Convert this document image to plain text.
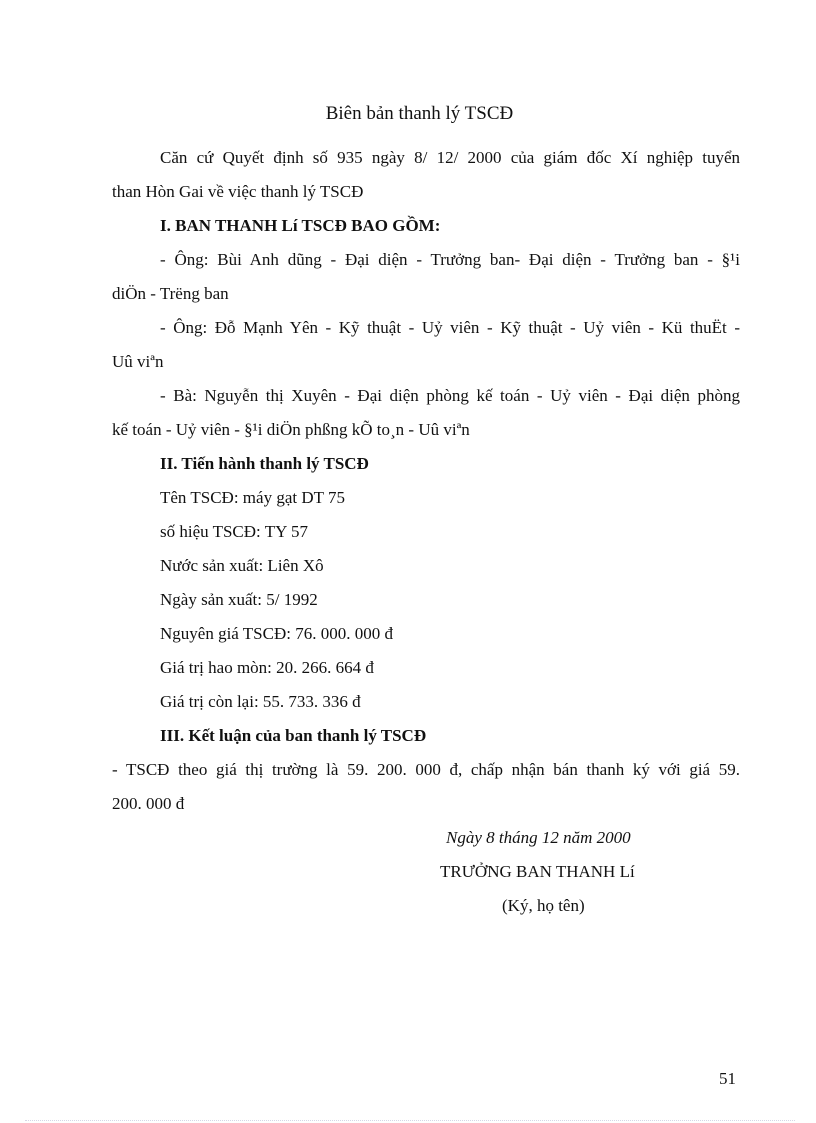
Biên bản thanh lý TSCĐ
Căn cứ Quyết định số 935 ngày 8/ 12/ 2000 của giám đốc Xí nghiệp tuyển
than Hòn Gai về việc thanh lý TSCĐ
I. BAN THANH Lí TSCĐ BAO GỒM:
- Ông: Bùi Anh dũng - Đại diện - Trưởng ban- Đại diện - Trưởng ban - §¹i
diÖn - Trëng ban
- Ông: Đỗ Mạnh Yên - Kỹ thuật - Uỷ viên - Kỹ thuật - Uỷ viên - Kü thuËt -
Uû viªn
- Bà: Nguyễn thị Xuyên - Đại diện phòng kế toán - Uỷ viên - Đại diện phòng
kế toán - Uỷ viên - §¹i diÖn phßng kÕ to¸n - Uû viªn
II. Tiến hành thanh lý TSCĐ
Tên TSCĐ: máy gạt DT 75
số hiệu TSCĐ: TY 57
Nước sản xuất: Liên Xô
Ngày sản xuất: 5/ 1992
Nguyên giá TSCĐ: 76. 000. 000 đ
Giá trị hao mòn: 20. 266. 664 đ
Giá trị còn lại: 55. 733. 336 đ
III. Kết luận của ban thanh lý TSCĐ
- TSCĐ theo giá thị trường là 59. 200. 000 đ, chấp nhận bán thanh ký với giá 59.
200. 000 đ
Ngày 8 tháng 12 năm 2000
TRƯỞNG BAN THANH Lí
(Ký, họ tên)
51
